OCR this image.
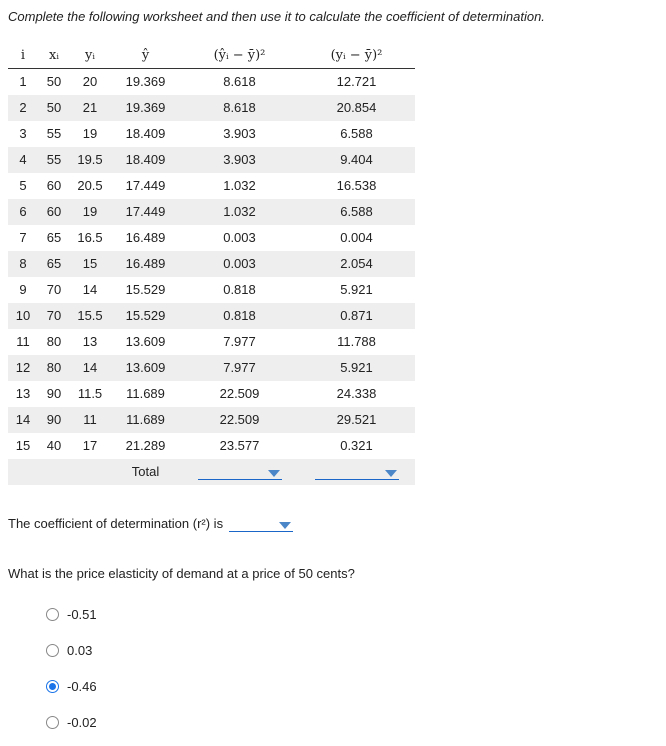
Complete the following worksheet and then use it to calculate the coefficient of determination.
i	xᵢ	yᵢ	ŷ	(ŷᵢ − ȳ)²	(yᵢ − ȳ)²
1	50	20	19.369	8.618	12.721
2	50	21	19.369	8.618	20.854
3	55	19	18.409	3.903	6.588
4	55	19.5	18.409	3.903	9.404
5	60	20.5	17.449	1.032	16.538
6	60	19	17.449	1.032	6.588
7	65	16.5	16.489	0.003	0.004
8	65	15	16.489	0.003	2.054
9	70	14	15.529	0.818	5.921
10	70	15.5	15.529	0.818	0.871
11	80	13	13.609	7.977	11.788
12	80	14	13.609	7.977	5.921
13	90	11.5	11.689	22.509	24.338
14	90	11	11.689	22.509	29.521
15	40	17	21.289	23.577	0.321
			Total		
The coefficient of determination (r²) is
What is the price elasticity of demand at a price of 50 cents?
-0.51
0.03
-0.46
-0.02
